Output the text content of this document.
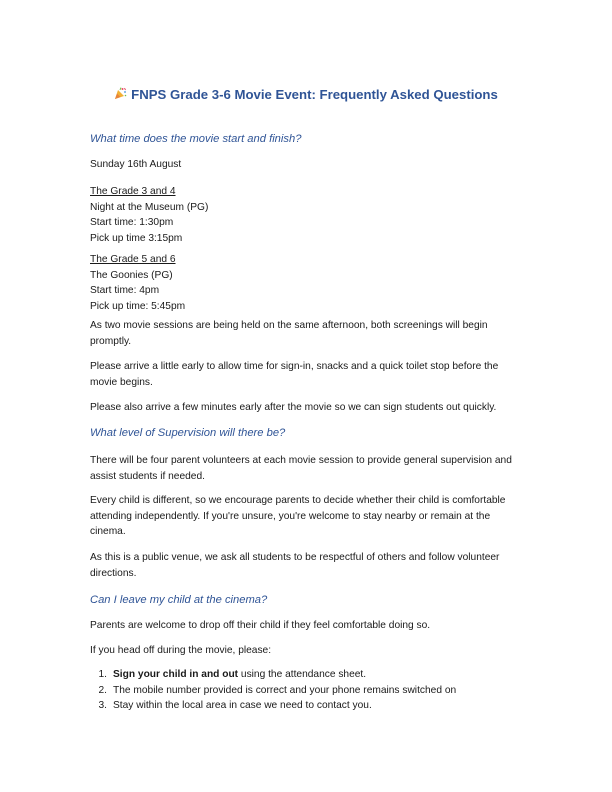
FNPS Grade 3-6 Movie Event: Frequently Asked Questions
What time does the movie start and finish?
Sunday 16th August
The Grade 3 and 4
Night at the Museum (PG)
Start time: 1:30pm
Pick up time 3:15pm
The Grade 5 and 6
The Goonies (PG)
Start time: 4pm
Pick up time: 5:45pm
As two movie sessions are being held on the same afternoon, both screenings will begin
promptly.
Please arrive a little early to allow time for sign-in, snacks and a quick toilet stop before the
movie begins.
Please also arrive a few minutes early after the movie so we can sign students out quickly.
What level of Supervision will there be?
There will be four parent volunteers at each movie session to provide general supervision and
assist students if needed.
Every child is different, so we encourage parents to decide whether their child is comfortable
attending independently. If you're unsure, you're welcome to stay nearby or remain at the
cinema.
As this is a public venue, we ask all students to be respectful of others and follow volunteer
directions.
Can I leave my child at the cinema?
Parents are welcome to drop off their child if they feel comfortable doing so.
If you head off during the movie, please:
1. Sign your child in and out using the attendance sheet.
2. The mobile number provided is correct and your phone remains switched on
3. Stay within the local area in case we need to contact you.
